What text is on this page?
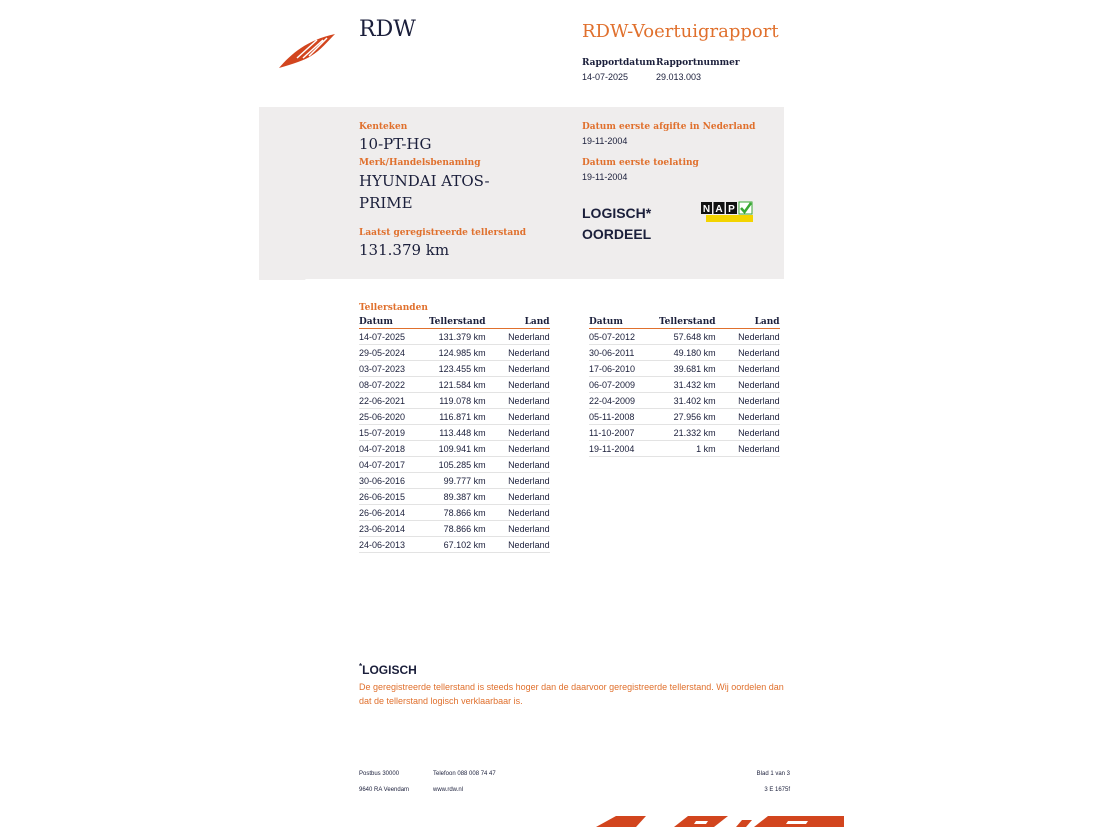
RDW	RDW-Voertuigrapport
Rapportdatum
14-07-2025
Rapportnummer
29.013.003
Kenteken
10-PT-HG
Merk/Handelsbenaming
HYUNDAI ATOS-
PRIME
Laatst geregistreerde tellerstand
131.379 km
Datum eerste afgifte in Nederland
19-11-2004
Datum eerste toelating
19-11-2004
LOGISCH*
OORDEEL
N A P
Tellerstanden
Datum	Tellerstand	Land
14-07-2025	131.379 km	Nederland
29-05-2024	124.985 km	Nederland
03-07-2023	123.455 km	Nederland
08-07-2022	121.584 km	Nederland
22-06-2021	119.078 km	Nederland
25-06-2020	116.871 km	Nederland
15-07-2019	113.448 km	Nederland
04-07-2018	109.941 km	Nederland
04-07-2017	105.285 km	Nederland
30-06-2016	99.777 km	Nederland
26-06-2015	89.387 km	Nederland
26-06-2014	78.866 km	Nederland
23-06-2014	78.866 km	Nederland
24-06-2013	67.102 km	Nederland
Datum	Tellerstand	Land
05-07-2012	57.648 km	Nederland
30-06-2011	49.180 km	Nederland
17-06-2010	39.681 km	Nederland
06-07-2009	31.432 km	Nederland
22-04-2009	31.402 km	Nederland
05-11-2008	27.956 km	Nederland
11-10-2007	21.332 km	Nederland
19-11-2004	1 km	Nederland
*LOGISCH
De geregistreerde tellerstand is steeds hoger dan de daarvoor geregistreerde tellerstand. Wij oordelen dan dat de tellerstand logisch verklaarbaar is.
Postbus 30000
9640 RA Veendam
Telefoon 088 008 74 47
www.rdw.nl
Blad 1 van 3
3 E 1675f
